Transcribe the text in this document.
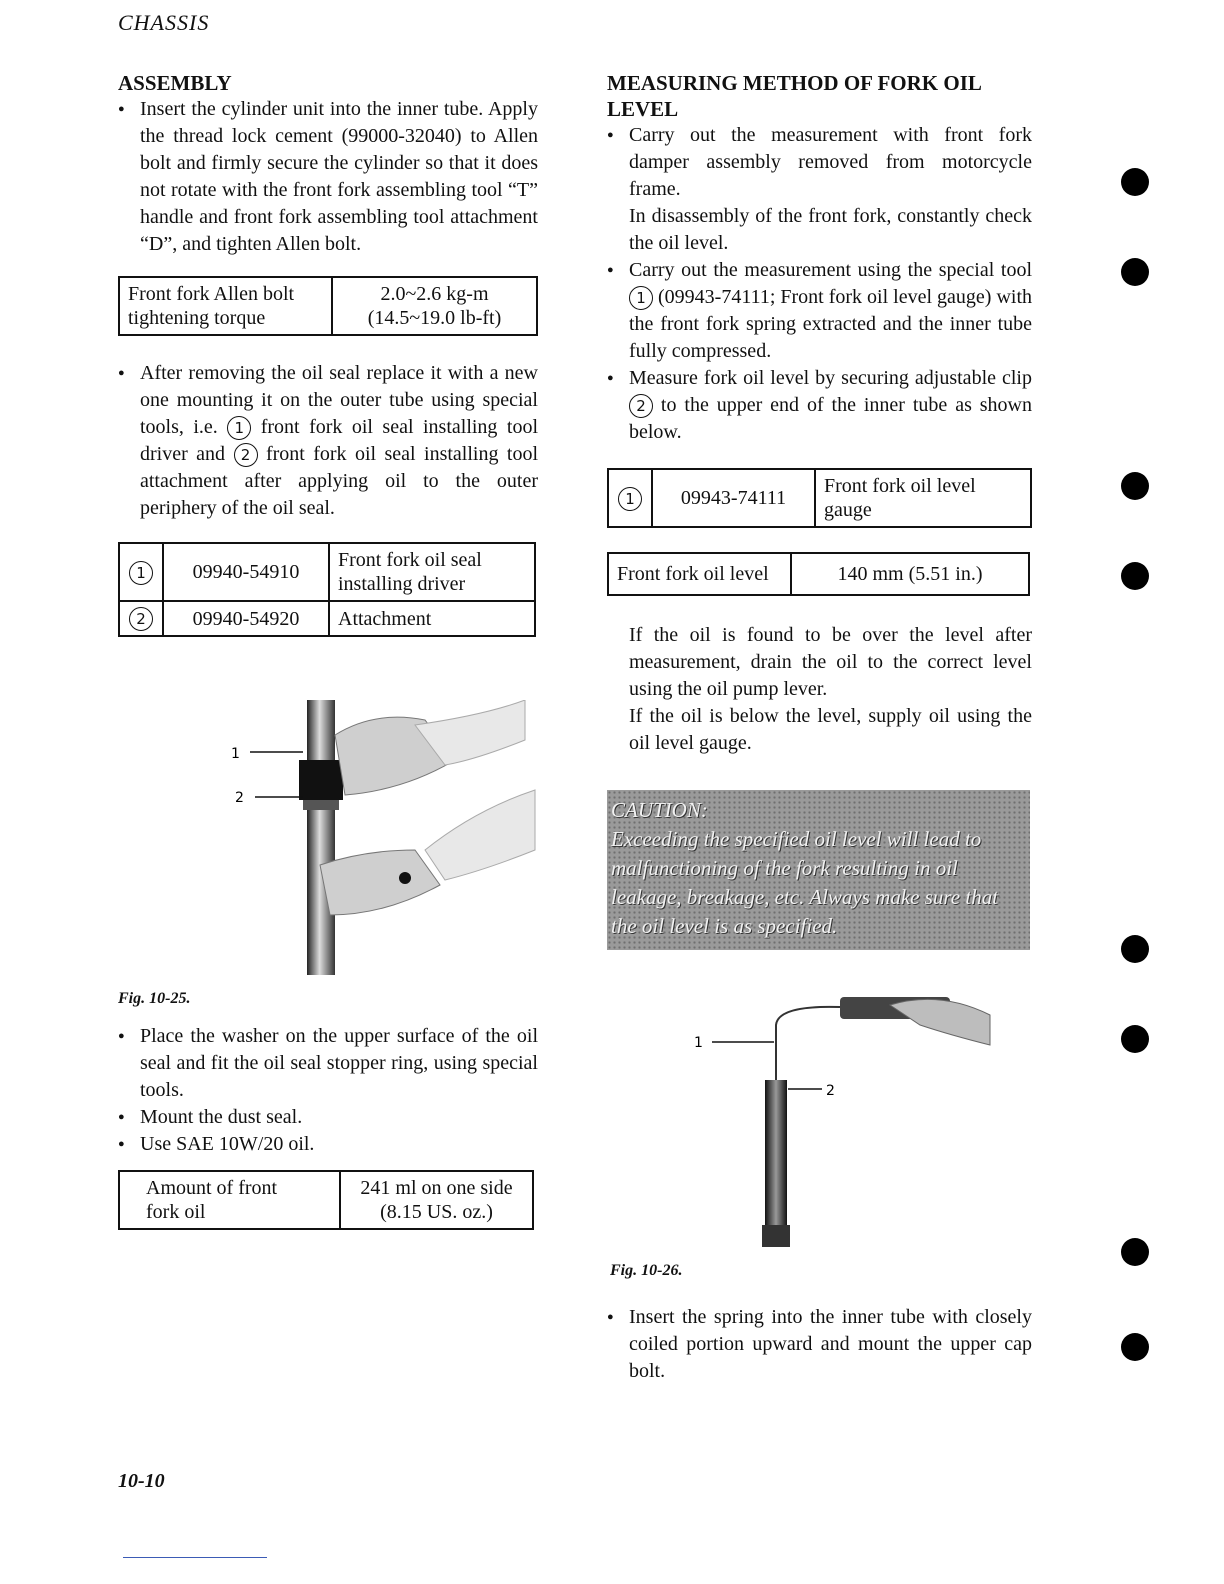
CHASSIS
ASSEMBLY

● Insert the cylinder unit into the inner tube. Apply the thread lock cement (99000-32040) to Allen bolt and firmly secure the cylinder so that it does not rotate with the front fork assembling tool “T” handle and front fork assembling tool attachment “D”, and tighten Allen bolt.

Front fork Allen bolt
tightening torque	2.0~2.6 kg-m
(14.5~19.0 lb-ft)

● After removing the oil seal replace it with a new one mounting it on the outer tube using special tools, i.e. 1 front fork oil seal installing tool driver and 2 front fork oil seal installing tool attachment after applying oil to the outer periphery of the oil seal.

1	09940-54910	Front fork oil seal
installing driver
2	09940-54920	Attachment
1
2
Fig. 10-25.

● Place the washer on the upper surface of the oil seal and fit the oil seal stopper ring, using special tools.

● Mount the dust seal.

● Use SAE 10W/20 oil.

Amount of front
fork oil	241 ml on one side
(8.15 US. oz.)
MEASURING METHOD OF FORK OIL LEVEL

● Carry out the measurement with front fork damper assembly removed from motorcycle frame.

In disassembly of the front fork, constantly check the oil level.

● Carry out the measurement using the special tool 1 (09943-74111; Front fork oil level gauge) with the front fork spring extracted and the inner tube fully compressed.

● Measure fork oil level by securing adjustable clip 2 to the upper end of the inner tube as shown below.

1	09943-74111	Front fork oil level
gauge
Front fork oil level	140 mm (5.51 in.)

If the oil is found to be over the level after measurement, drain the oil to the correct level using the oil pump lever.

If the oil is below the level, supply oil using the oil level gauge.

CAUTION:
Exceeding the specified oil level will lead to malfunctioning of the fork resulting in oil leakage, breakage, etc. Always make sure that the oil level is as specified.
1
2
Fig. 10-26.

● Insert the spring into the inner tube with closely coiled portion upward and mount the upper cap bolt.

10-10
